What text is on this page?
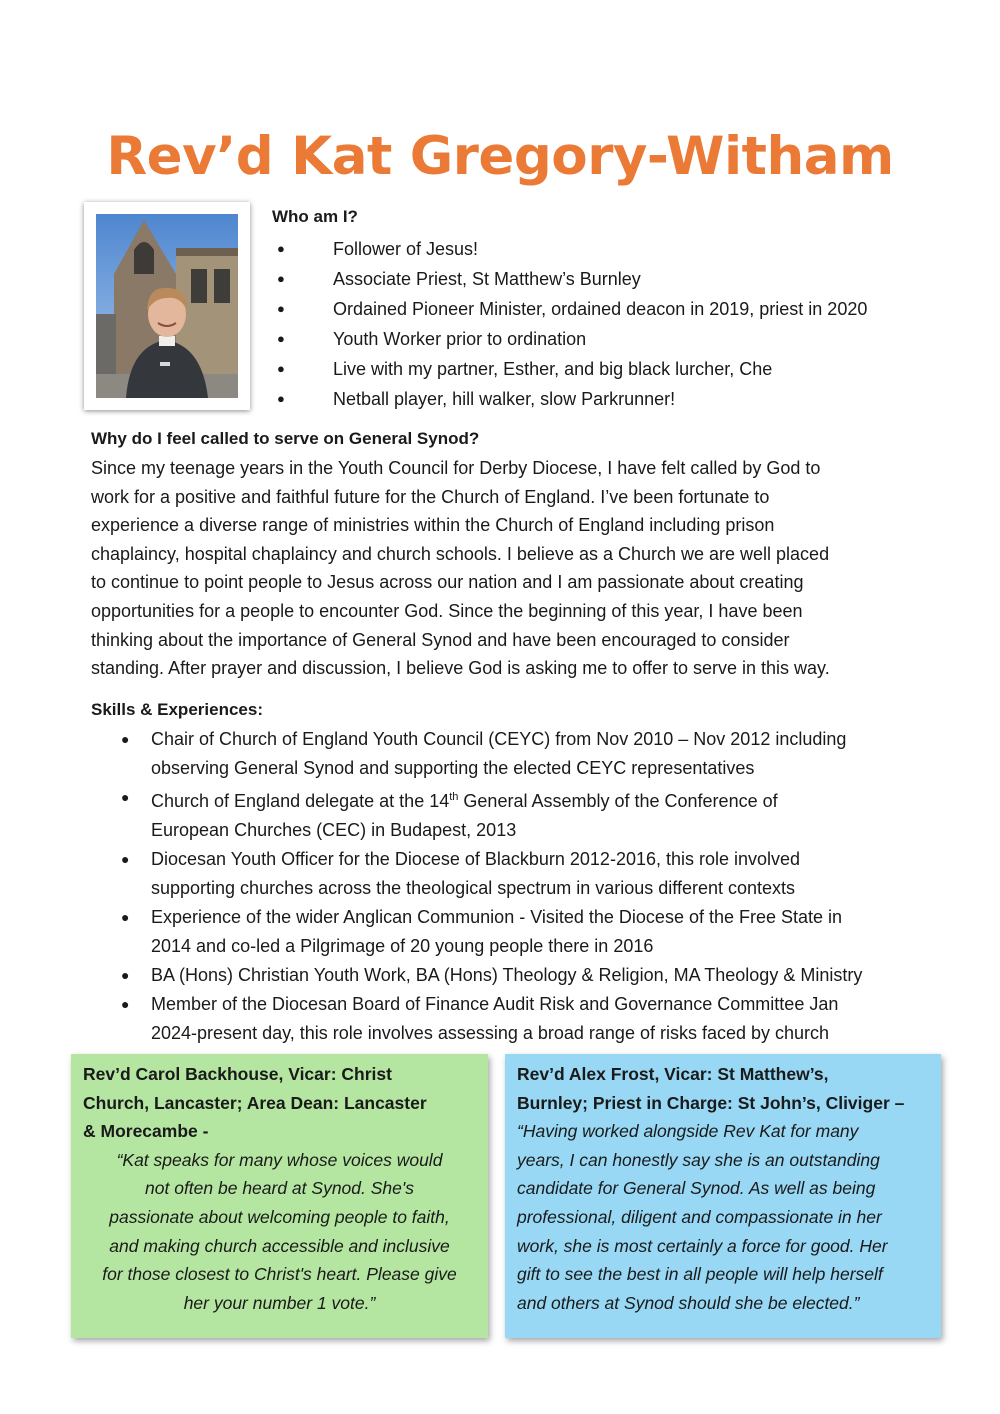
Rev’d Kat Gregory-Witham
Who am I?
●	Follower of Jesus!
●	Associate Priest, St Matthew’s Burnley
●	Ordained Pioneer Minister, ordained deacon in 2019, priest in 2020
●	Youth Worker prior to ordination
●	Live with my partner, Esther, and big black lurcher, Che
●	Netball player, hill walker, slow Parkrunner!
Why do I feel called to serve on General Synod?

Since my teenage years in the Youth Council for Derby Diocese, I have felt called by God to
work for a positive and faithful future for the Church of England. I’ve been fortunate to
experience a diverse range of ministries within the Church of England including prison
chaplaincy, hospital chaplaincy and church schools. I believe as a Church we are well placed
to continue to point people to Jesus across our nation and I am passionate about creating
opportunities for a people to encounter God. Since the beginning of this year, I have been
thinking about the importance of General Synod and have been encouraged to consider
standing. After prayer and discussion, I believe God is asking me to offer to serve in this way.

Skills & Experiences:
● Chair of Church of England Youth Council (CEYC) from Nov 2010 – Nov 2012 including
observing General Synod and supporting the elected CEYC representatives
● Church of England delegate at the 14th General Assembly of the Conference of
European Churches (CEC) in Budapest, 2013
● Diocesan Youth Officer for the Diocese of Blackburn 2012-2016, this role involved
supporting churches across the theological spectrum in various different contexts
● Experience of the wider Anglican Communion - Visited the Diocese of the Free State in
2014 and co-led a Pilgrimage of 20 young people there in 2016
● BA (Hons) Christian Youth Work, BA (Hons) Theology & Religion, MA Theology & Ministry
● Member of the Diocesan Board of Finance Audit Risk and Governance Committee Jan
2024-present day, this role involves assessing a broad range of risks faced by church
Rev’d Carol Backhouse, Vicar: Christ
Church, Lancaster; Area Dean: Lancaster
& Morecambe -
“Kat speaks for many whose voices would
not often be heard at Synod. She's
passionate about welcoming people to faith,
and making church accessible and inclusive
for those closest to Christ's heart. Please give
her your number 1 vote.”
Rev’d Alex Frost, Vicar: St Matthew’s,
Burnley; Priest in Charge: St John’s, Cliviger –
“Having worked alongside Rev Kat for many
years, I can honestly say she is an outstanding
candidate for General Synod. As well as being
professional, diligent and compassionate in her
work, she is most certainly a force for good. Her
gift to see the best in all people will help herself
and others at Synod should she be elected.”
